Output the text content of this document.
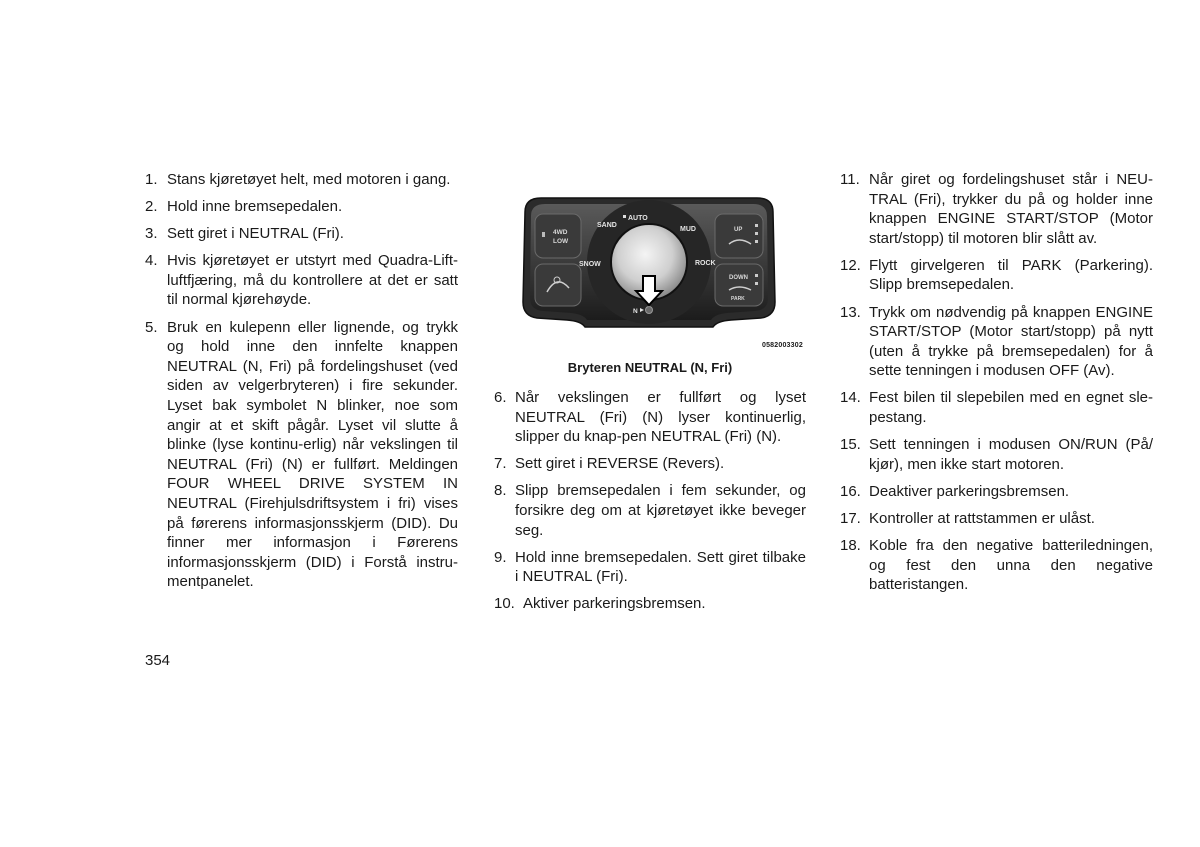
1. Stans kjøretøyet helt, med motoren i gang.
2. Hold inne bremsepedalen.
3. Sett giret i NEUTRAL (Fri).
4. Hvis kjøretøyet er utstyrt med Quadra-Lift-luftfjæring, må du kontrollere at det er satt til normal kjørehøyde.
5. Bruk en kulepenn eller lignende, og trykk og hold inne den innfelte knappen NEUTRAL (N, Fri) på fordelingshuset (ved siden av velgerbryteren) i fire sekunder. Lyset bak symbolet N blinker, noe som angir at et skift pågår. Lyset vil slutte å blinke (lyse kontinu-erlig) når vekslingen til NEUTRAL (Fri) (N) er fullført. Meldingen FOUR WHEEL DRIVE SYSTEM IN NEUTRAL (Firehjulsdriftsystem i fri) vises på førerens informasjonsskjerm (DID). Du finner mer informasjon i Førerens informasjonsskjerm (DID) i Forstå instru-mentpanelet.
4WD
LOW
UP
DOWN
PARK
AUTO
SAND
MUD
SNOW	ROCK
N
0582003302
Bryteren NEUTRAL (N, Fri)
6. Når vekslingen er fullført og lyset NEUTRAL (Fri) (N) lyser kontinuerlig, slipper du knap-pen NEUTRAL (Fri) (N).
7. Sett giret i REVERSE (Revers).
8. Slipp bremsepedalen i fem sekunder, og forsikre deg om at kjøretøyet ikke beveger seg.
9. Hold inne bremsepedalen. Sett giret tilbake i NEUTRAL (Fri).
10. Aktiver parkeringsbremsen.
11. Når giret og fordelingshuset står i NEU-TRAL (Fri), trykker du på og holder inne knappen ENGINE START/STOP (Motor start/stopp) til motoren blir slått av.
12. Flytt girvelgeren til PARK (Parkering). Slipp bremsepedalen.
13. Trykk om nødvendig på knappen ENGINE START/STOP (Motor start/stopp) på nytt (uten å trykke på bremsepedalen) for å sette tenningen i modusen OFF (Av).
14. Fest bilen til slepebilen med en egnet sle-pestang.
15. Sett tenningen i modusen ON/RUN (På/ kjør), men ikke start motoren.
16. Deaktiver parkeringsbremsen.
17. Kontroller at rattstammen er ulåst.
18. Koble fra den negative batteriledningen, og fest den unna den negative batteristangen.
354
